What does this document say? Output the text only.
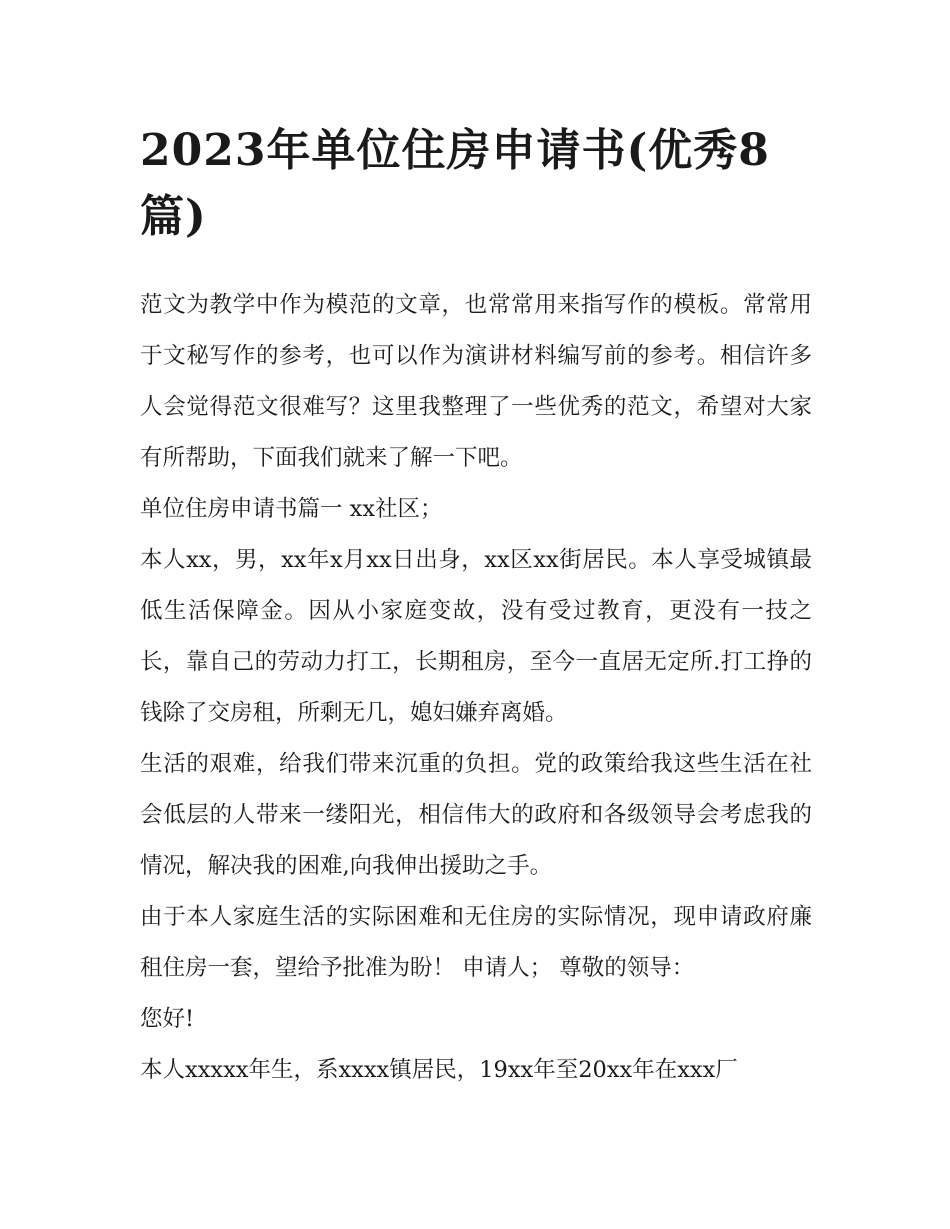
2023年单位住房申请书(优秀8篇)

范文为教学中作为模范的文章，也常常用来指写作的模板。常常用于文秘写作的参考，也可以作为演讲材料编写前的参考。相信许多人会觉得范文很难写？这里我整理了一些优秀的范文，希望对大家有所帮助，下面我们就来了解一下吧。

单位住房申请书篇一 xx社区；

本人xx，男，xx年x月xx日出身，xx区xx街居民。本人享受城镇最低生活保障金。因从小家庭变故，没有受过教育，更没有一技之长，靠自己的劳动力打工，长期租房，至今一直居无定所.打工挣的钱除了交房租，所剩无几，媳妇嫌弃离婚。

生活的艰难，给我们带来沉重的负担。党的政策给我这些生活在社会低层的人带来一缕阳光，相信伟大的政府和各级领导会考虑我的情况，解决我的困难,向我伸出援助之手。

由于本人家庭生活的实际困难和无住房的实际情况，现申请政府廉租住房一套，望给予批准为盼！ 申请人； 尊敬的领导：

您好!

本人xxxxx年生，系xxxx镇居民，19xx年至20xx年在xxx厂
